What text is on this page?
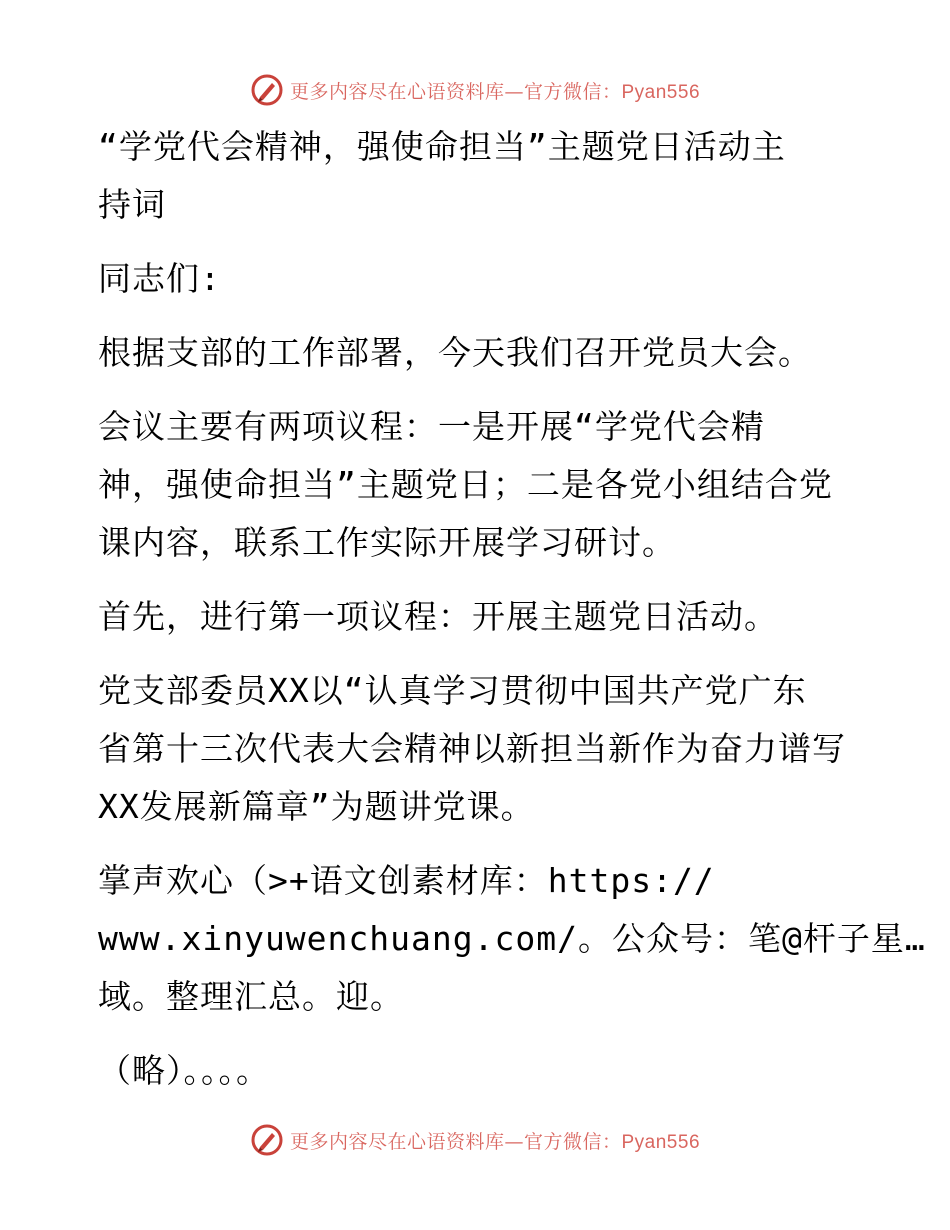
更多内容尽在心语资料库—官方微信：Pyan556
“学党代会精神，强使命担当”主题党日活动主
持词
同志们:
根据支部的工作部署，今天我们召开党员大会。
会议主要有两项议程：一是开展“学党代会精
神，强使命担当”主题党日；二是各党小组结合党
课内容，联系工作实际开展学习研讨。
首先，进行第一项议程：开展主题党日活动。
党支部委员XX以“认真学习贯彻中国共产党广东
省第十三次代表大会精神以新担当新作为奋力谱写
XX发展新篇章”为题讲党课。
掌声欢心（>+语文创素材库：https://
www.xinyuwenchuang.com/。公众号：笔@杆子星…
域。整理汇总。迎。
（略）。。。。
更多内容尽在心语资料库—官方微信：Pyan556
